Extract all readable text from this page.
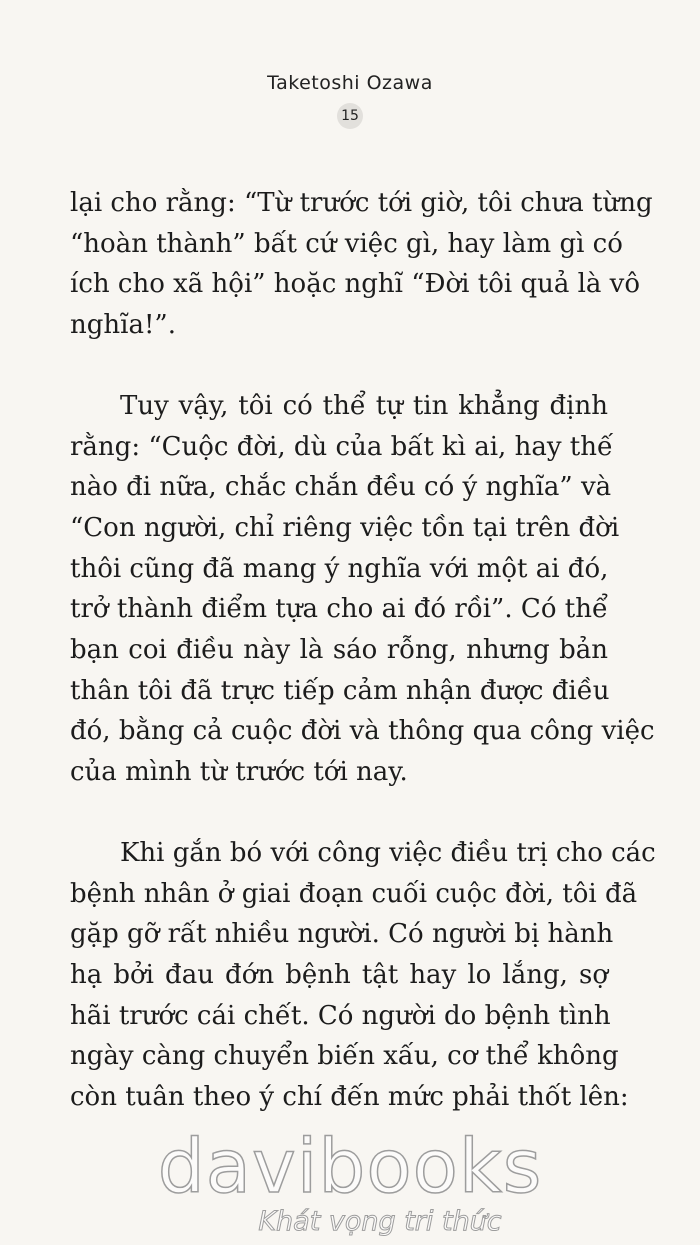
Taketoshi Ozawa
15
lại cho rằng: “Từ trước tới giờ, tôi chưa từng
“hoàn thành” bất cứ việc gì, hay làm gì có
ích cho xã hội” hoặc nghĩ “Đời tôi quả là vô
nghĩa!”.
Tuy vậy, tôi có thể tự tin khẳng định
rằng: “Cuộc đời, dù của bất kì ai, hay thế
nào đi nữa, chắc chắn đều có ý nghĩa” và
“Con người, chỉ riêng việc tồn tại trên đời
thôi cũng đã mang ý nghĩa với một ai đó,
trở thành điểm tựa cho ai đó rồi”. Có thể
bạn coi điều này là sáo rỗng, nhưng bản
thân tôi đã trực tiếp cảm nhận được điều
đó, bằng cả cuộc đời và thông qua công việc
của mình từ trước tới nay.
Khi gắn bó với công việc điều trị cho các
bệnh nhân ở giai đoạn cuối cuộc đời, tôi đã
gặp gỡ rất nhiều người. Có người bị hành
hạ bởi đau đớn bệnh tật hay lo lắng, sợ
hãi trước cái chết. Có người do bệnh tình
ngày càng chuyển biến xấu, cơ thể không
còn tuân theo ý chí đến mức phải thốt lên:
davibooks
Khát vọng tri thức
